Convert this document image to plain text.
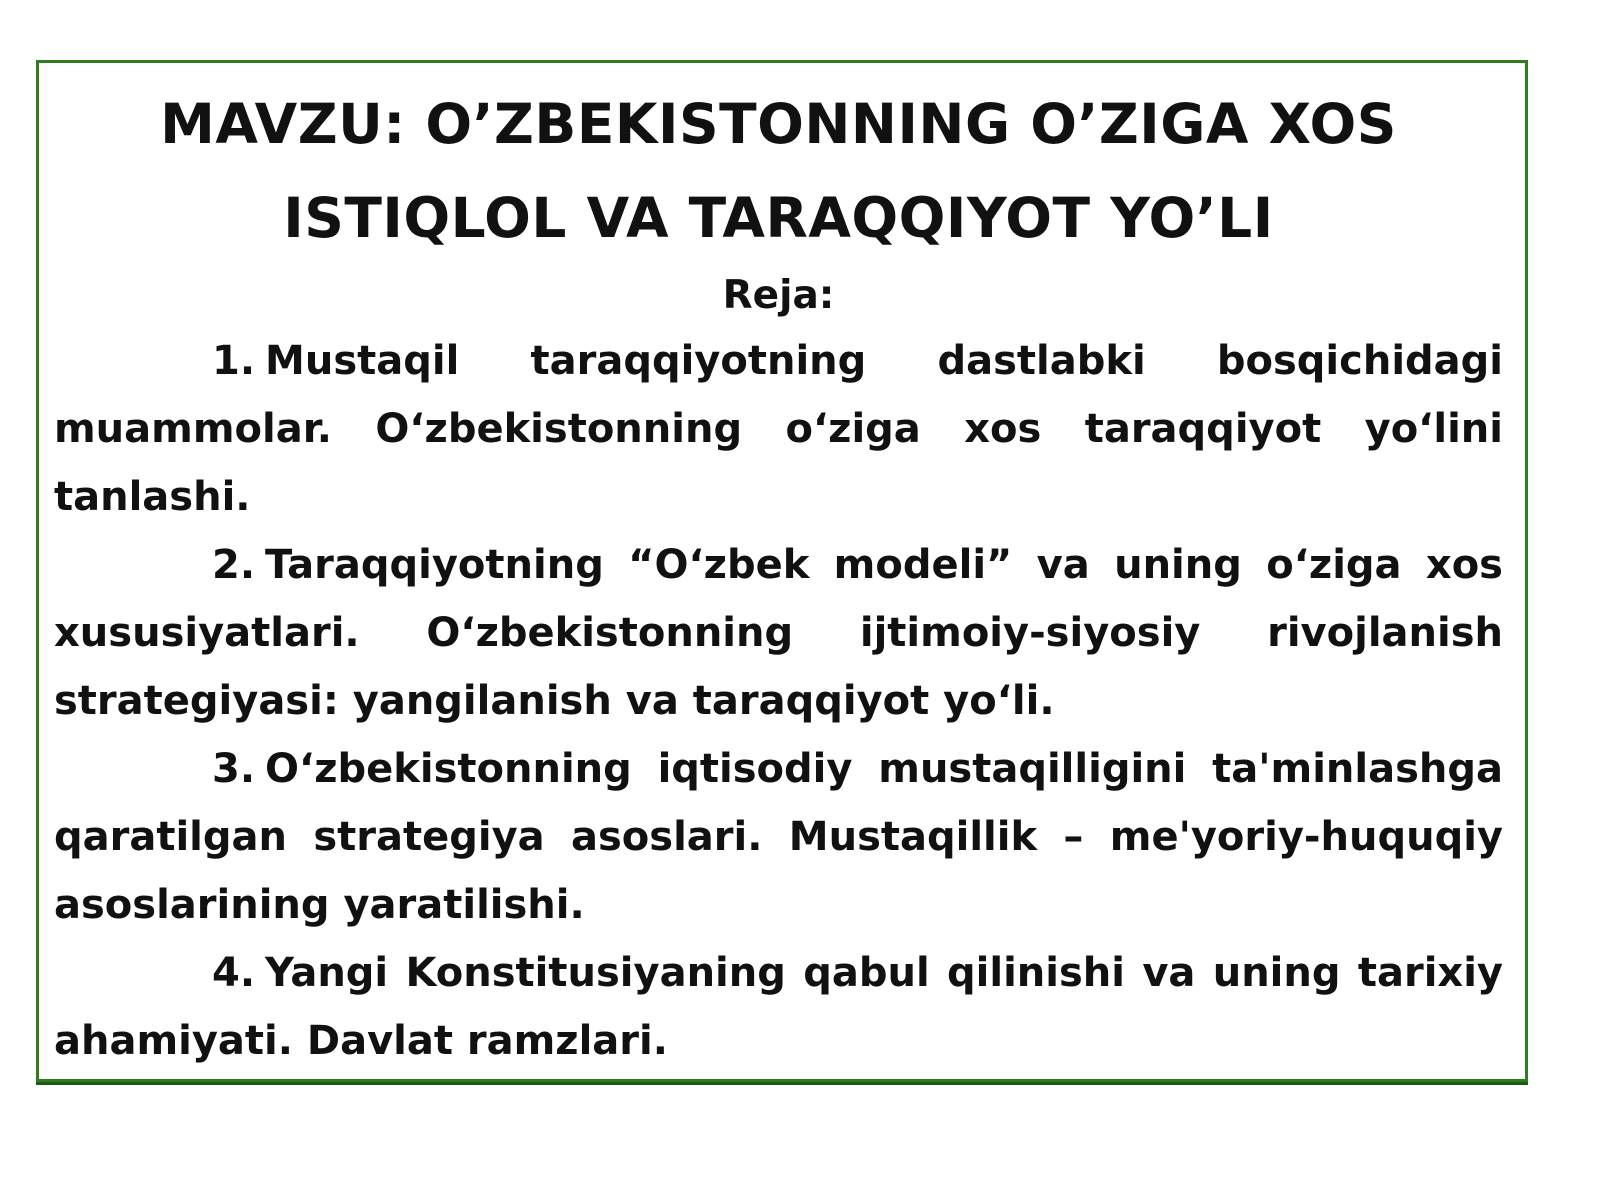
MAVZU: O’ZBEKISTONNING O’ZIGA XOS
ISTIQLOL VA TARAQQIYOT YO’LI

Reja:

1. Mustaqil taraqqiyotning dastlabki bosqichidagi muammolar. O‘zbekistonning o‘ziga xos taraqqiyot yo‘lini tanlashi.
2. Taraqqiyotning “O‘zbek modeli” va uning o‘ziga xos xususiyatlari. O‘zbekistonning ijtimoiy-siyosiy rivojlanish strategiyasi: yangilanish va taraqqiyot yo‘li.
3. O‘zbekistonning iqtisodiy mustaqilligini ta'minlashga qaratilgan strategiya asoslari. Mustaqillik – me'yoriy-huquqiy asoslarining yaratilishi.
4. Yangi Konstitusiyaning qabul qilinishi va uning tarixiy ahamiyati. Davlat ramzlari.
